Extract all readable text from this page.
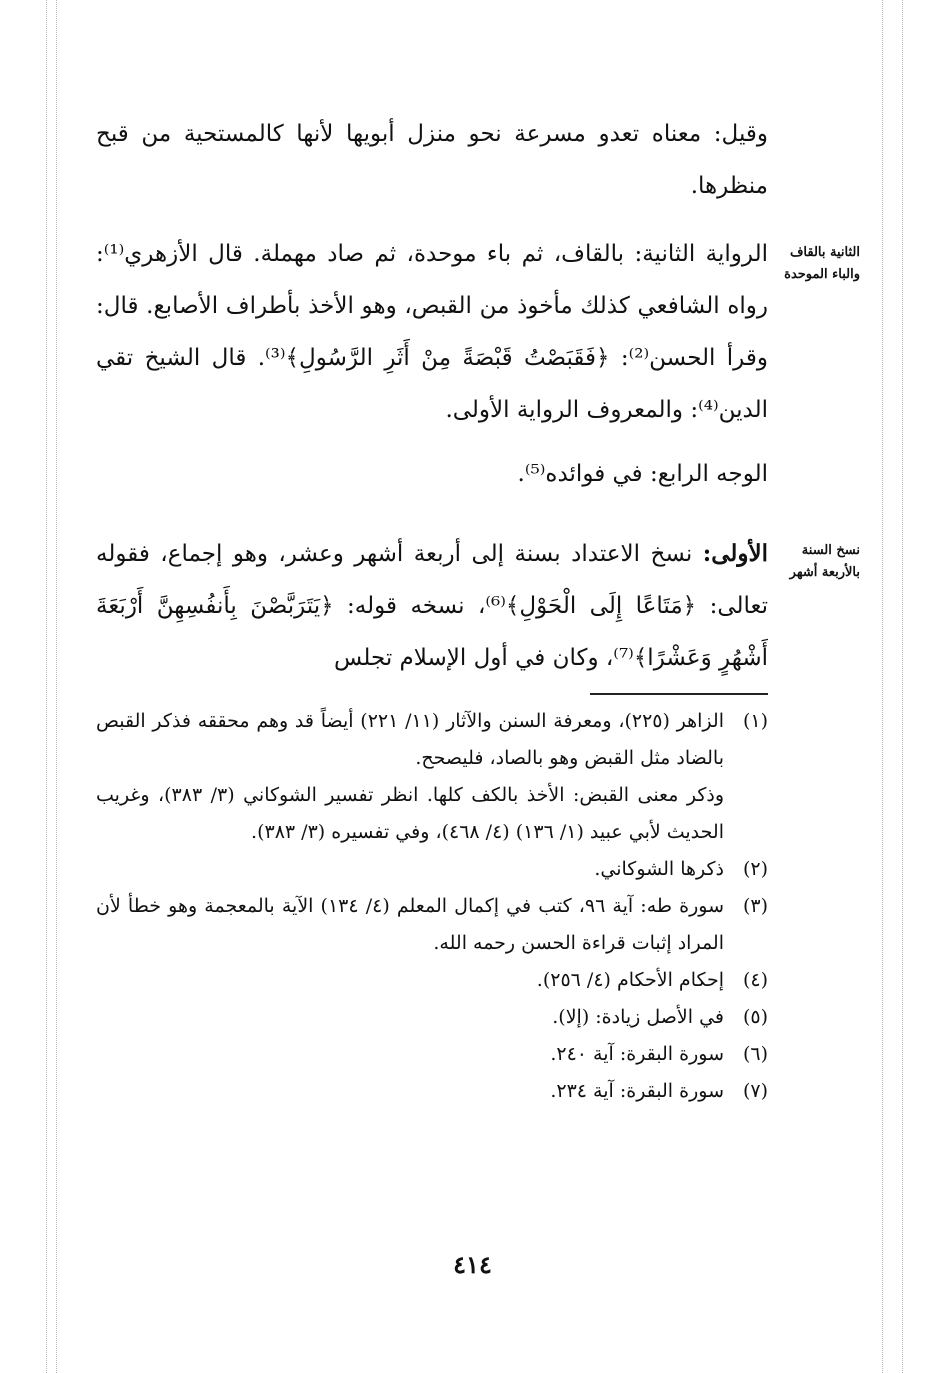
الثانية بالقاف والباء الموحدة
نسخ السنة بالأربعة أشهر

وقيل: معناه تعدو مسرعة نحو منزل أبويها لأنها كالمستحية من قبح منظرها.

الرواية الثانية: بالقاف، ثم باء موحدة، ثم صاد مهملة. قال الأزهري⁽¹⁾: رواه الشافعي كذلك مأخوذ من القبص، وهو الأخذ بأطراف الأصابع. قال: وقرأ الحسن⁽²⁾: ﴿فَقَبَصْتُ قَبْصَةً مِنْ أَثَرِ الرَّسُولِ﴾⁽³⁾. قال الشيخ تقي الدين⁽⁴⁾: والمعروف الرواية الأولى.

الوجه الرابع: في فوائده⁽⁵⁾.

الأولى: نسخ الاعتداد بسنة إلى أربعة أشهر وعشر، وهو إجماع، فقوله تعالى: ﴿مَتَاعًا إِلَى الْحَوْلِ﴾⁽⁶⁾، نسخه قوله: ﴿يَتَرَبَّصْنَ بِأَنفُسِهِنَّ أَرْبَعَةَ أَشْهُرٍ وَعَشْرًا﴾⁽⁷⁾، وكان في أول الإسلام تجلس

(١)
الزاهر (٢٢٥)، ومعرفة السنن والآثار (١١/ ٢٢١) أيضاً قد وهم محققه فذكر القبص بالضاد مثل القبض وهو بالصاد، فليصحح.
وذكر معنى القبض: الأخذ بالكف كلها. انظر تفسير الشوكاني (٣/ ٣٨٣)، وغريب الحديث لأبي عبيد (١/ ١٣٦) (٤/ ٤٦٨)، وفي تفسيره (٣/ ٣٨٣).
(٢)
ذكرها الشوكاني.
(٣)
سورة طه: آية ٩٦، كتب في إكمال المعلم (٤/ ١٣٤) الآية بالمعجمة وهو خطأ لأن المراد إثبات قراءة الحسن رحمه الله.
(٤)
إحكام الأحكام (٤/ ٢٥٦).
(٥)
في الأصل زيادة: (إلا).
(٦)
سورة البقرة: آية ٢٤٠.
(٧)
سورة البقرة: آية ٢٣٤.
٤١٤
